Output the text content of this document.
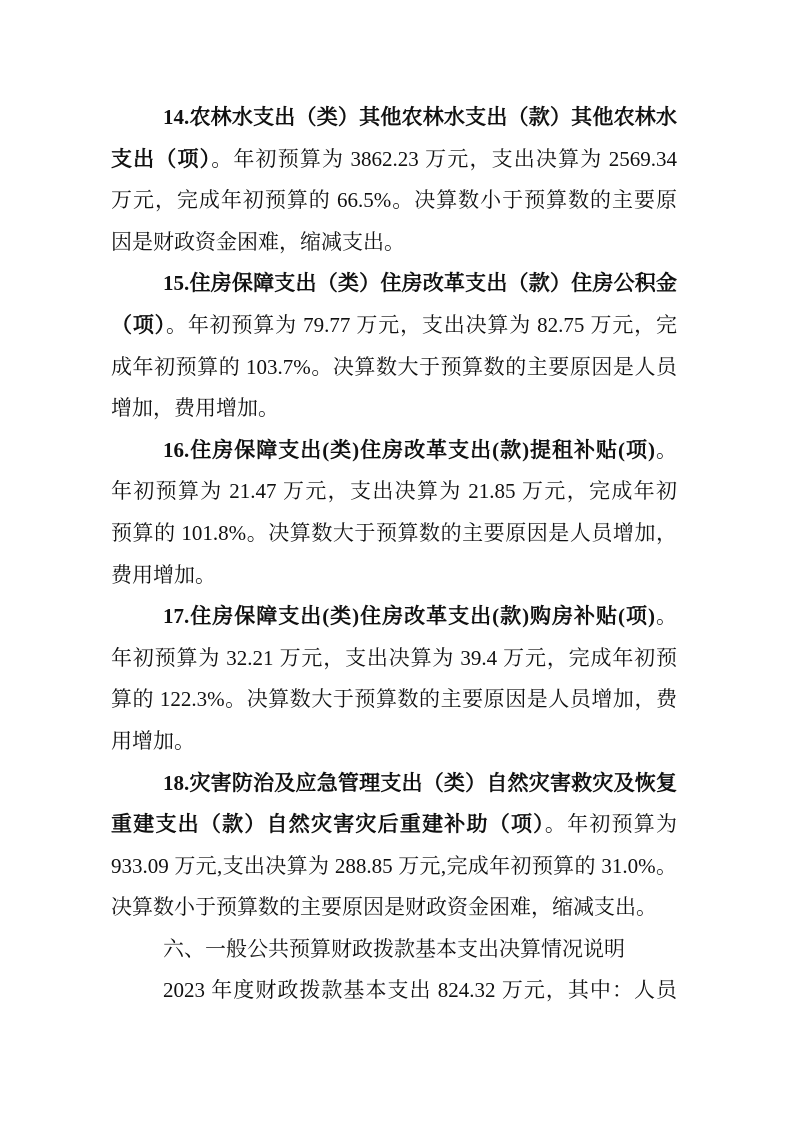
14.农林水支出（类）其他农林水支出（款）其他农林水
支出（项）。年初预算为 3862.23 万元，支出决算为 2569.34
万元，完成年初预算的 66.5%。决算数小于预算数的主要原
因是财政资金困难，缩减支出。
15.住房保障支出（类）住房改革支出（款）住房公积金
（项）。年初预算为 79.77 万元，支出决算为 82.75 万元，完
成年初预算的 103.7%。决算数大于预算数的主要原因是人员
增加，费用增加。
16.住房保障支出(类)住房改革支出(款)提租补贴(项)。
年初预算为 21.47 万元，支出决算为 21.85 万元，完成年初
预算的 101.8%。决算数大于预算数的主要原因是人员增加，
费用增加。
17.住房保障支出(类)住房改革支出(款)购房补贴(项)。
年初预算为 32.21 万元，支出决算为 39.4 万元，完成年初预
算的 122.3%。决算数大于预算数的主要原因是人员增加，费
用增加。
18.灾害防治及应急管理支出（类）自然灾害救灾及恢复
重建支出（款）自然灾害灾后重建补助（项）。年初预算为
933.09 万元,支出决算为 288.85 万元,完成年初预算的 31.0%。
决算数小于预算数的主要原因是财政资金困难，缩减支出。
六、一般公共预算财政拨款基本支出决算情况说明
2023 年度财政拨款基本支出 824.32 万元，其中：人员
